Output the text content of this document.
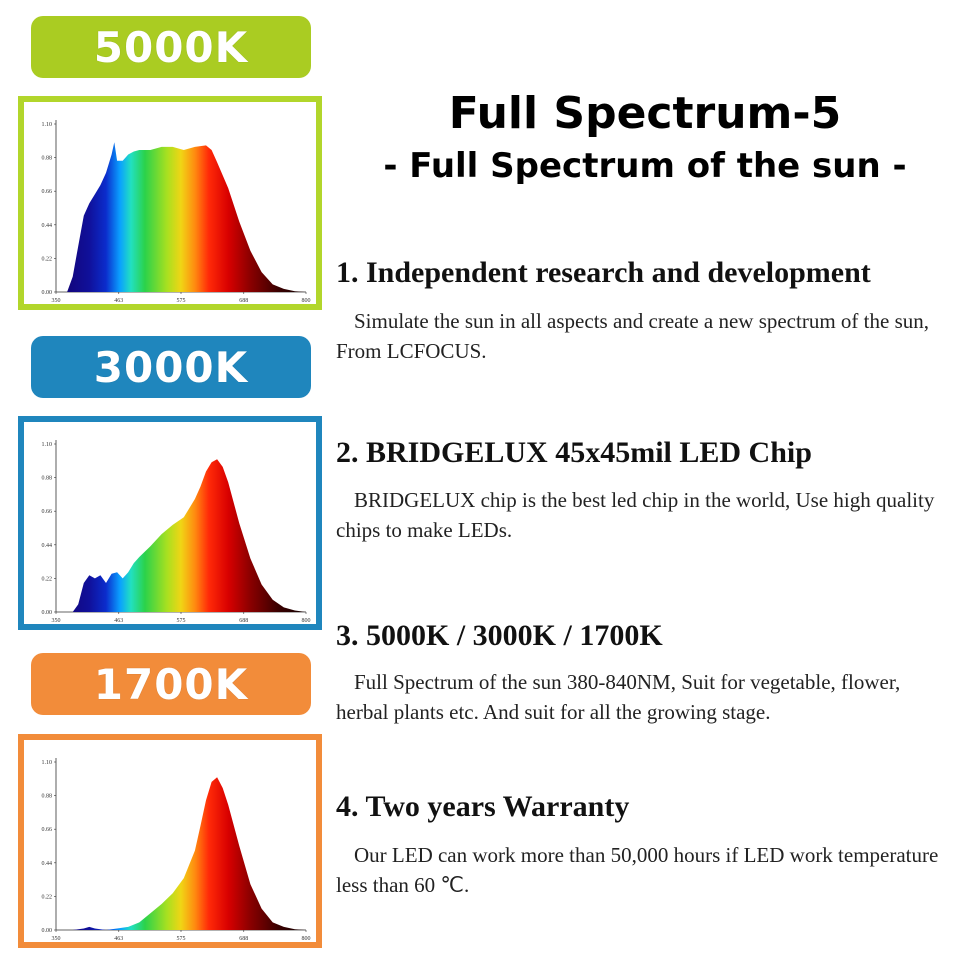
5000K
3000K
1700K
0.00
0.22
0.44
0.66
0.88
1.10
350	463	575	688	800
0.00
0.22
0.44
0.66
0.88
1.10
350	463	575	688	800
0.00
0.22
0.44
0.66
0.88
1.10
350	463	575	688	800
Full Spectrum-5
- Full Spectrum of the sun -
1. Independent research and development
Simulate the sun in all aspects and create a new spectrum of the sun, From LCFOCUS.
2. BRIDGELUX 45x45mil LED Chip
BRIDGELUX chip is the best led chip in the world, Use high quality chips to make LEDs.
3. 5000K / 3000K / 1700K
Full Spectrum of the sun 380-840NM, Suit for vegetable, flower, herbal plants etc. And suit for all the growing stage.
4. Two years Warranty
Our LED can work more than 50,000 hours if LED work temperature less than 60 ℃.
